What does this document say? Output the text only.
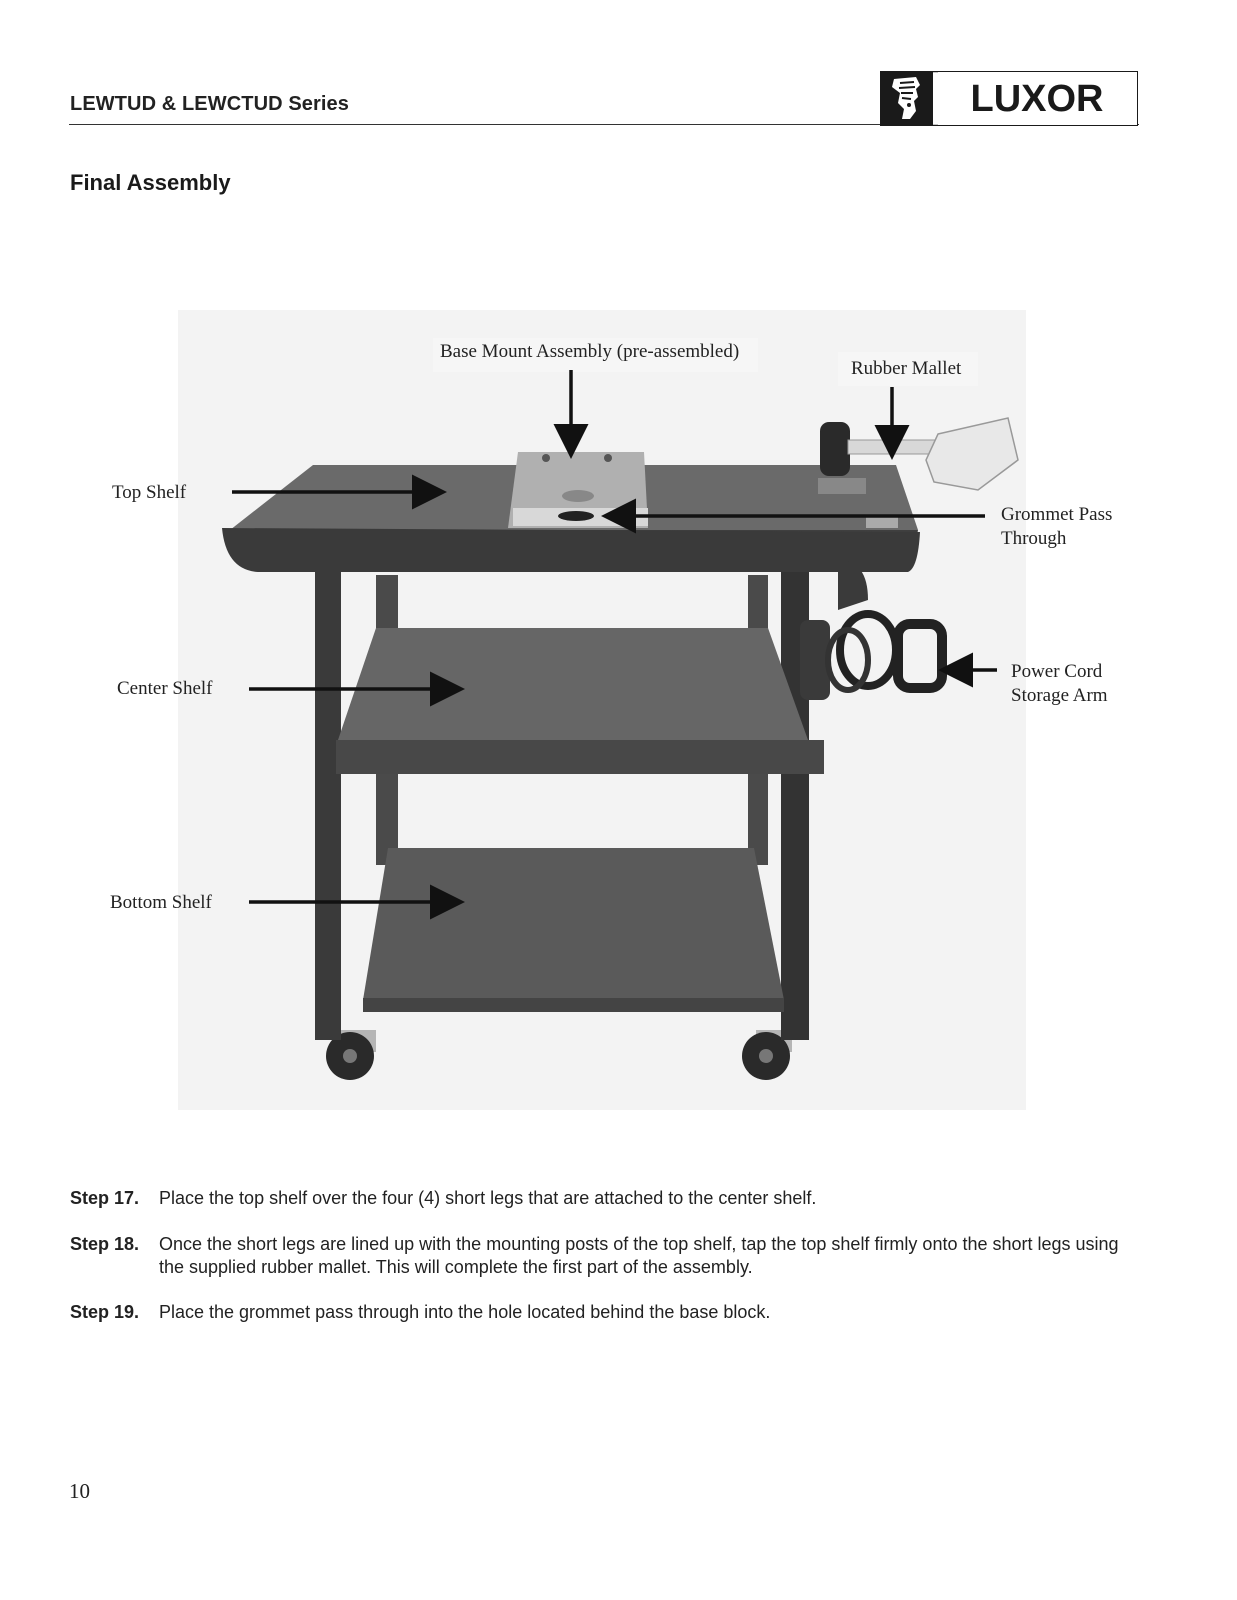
LEWTUD & LEWCTUD Series	LUXOR
Final Assembly
Base Mount Assembly (pre-assembled)
Rubber Mallet
Top Shelf
Grommet Pass
Through
Center Shelf
Power Cord
Storage Arm
Bottom Shelf
Step 17. Place the top shelf over the four (4) short legs that are attached to the center shelf.
Step 18. Once the short legs are lined up with the mounting posts of the top shelf, tap the top shelf firmly onto the short legs using the supplied rubber mallet. This will complete the first part of the assembly.
Step 19. Place the grommet pass through into the hole located behind the base block.
10
